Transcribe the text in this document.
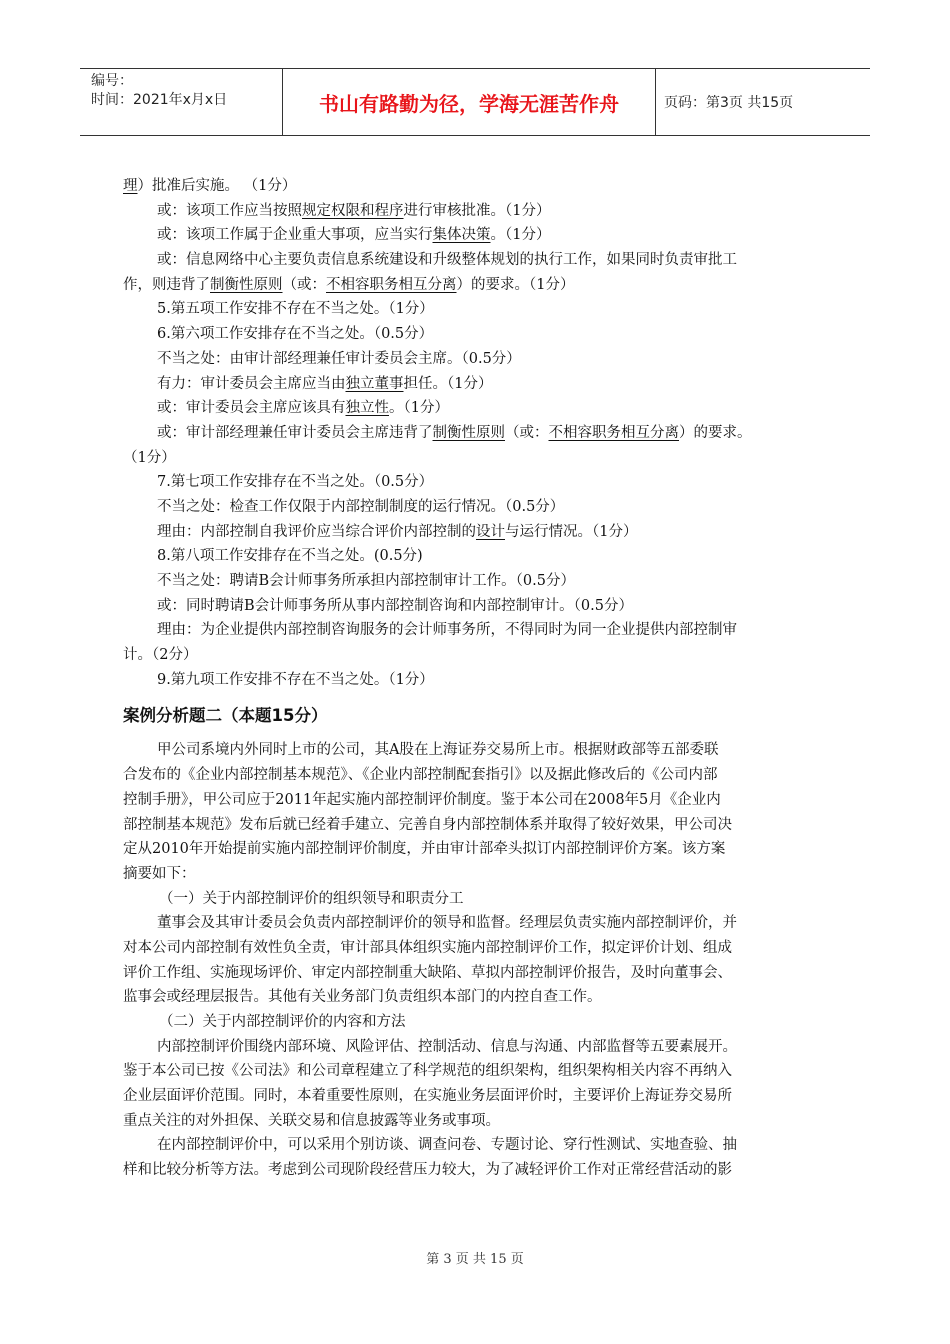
编号：
时间：2021年x月x日	书山有路勤为径，学海无涯苦作舟	页码：第3页 共15页
理）批准后实施。 （1分）
或：该项工作应当按照规定权限和程序进行审核批准。（1分）
或：该项工作属于企业重大事项，应当实行集体决策。（1分）
或：信息网络中心主要负责信息系统建设和升级整体规划的执行工作，如果同时负责审批工
作，则违背了制衡性原则（或：不相容职务相互分离）的要求。（1分）
5.第五项工作安排不存在不当之处。（1分）
6.第六项工作安排存在不当之处。（0.5分）
不当之处：由审计部经理兼任审计委员会主席。（0.5分）
有力：审计委员会主席应当由独立董事担任。（1分）
或：审计委员会主席应该具有独立性。（1分）
或：审计部经理兼任审计委员会主席违背了制衡性原则（或：不相容职务相互分离）的要求。
（1分）
7.第七项工作安排存在不当之处。（0.5分）
不当之处：检查工作仅限于内部控制制度的运行情况。（0.5分）
理由：内部控制自我评价应当综合评价内部控制的设计与运行情况。（1分）
8.第八项工作安排存在不当之处。(0.5分)
不当之处：聘请B会计师事务所承担内部控制审计工作。（0.5分）
或：同时聘请B会计师事务所从事内部控制咨询和内部控制审计。（0.5分）
理由：为企业提供内部控制咨询服务的会计师事务所，不得同时为同一企业提供内部控制审
计。（2分）
9.第九项工作安排不存在不当之处。（1分）
案例分析题二（本题15分）
甲公司系境内外同时上市的公司，其A股在上海证券交易所上市。根据财政部等五部委联
合发布的《企业内部控制基本规范》、《企业内部控制配套指引》以及据此修改后的《公司内部
控制手册》，甲公司应于2011年起实施内部控制评价制度。鉴于本公司在2008年5月《企业内
部控制基本规范》发布后就已经着手建立、完善自身内部控制体系并取得了较好效果，甲公司决
定从2010年开始提前实施内部控制评价制度，并由审计部牵头拟订内部控制评价方案。该方案
摘要如下：
（一）关于内部控制评价的组织领导和职责分工
董事会及其审计委员会负责内部控制评价的领导和监督。经理层负责实施内部控制评价，并
对本公司内部控制有效性负全责，审计部具体组织实施内部控制评价工作，拟定评价计划、组成
评价工作组、实施现场评价、审定内部控制重大缺陷、草拟内部控制评价报告，及时向董事会、
监事会或经理层报告。其他有关业务部门负责组织本部门的内控自查工作。
（二）关于内部控制评价的内容和方法
内部控制评价围绕内部环境、风险评估、控制活动、信息与沟通、内部监督等五要素展开。
鉴于本公司已按《公司法》和公司章程建立了科学规范的组织架构，组织架构相关内容不再纳入
企业层面评价范围。同时，本着重要性原则，在实施业务层面评价时，主要评价上海证券交易所
重点关注的对外担保、关联交易和信息披露等业务或事项。
在内部控制评价中，可以采用个别访谈、调查问卷、专题讨论、穿行性测试、实地查验、抽
样和比较分析等方法。考虑到公司现阶段经营压力较大，为了减轻评价工作对正常经营活动的影
第 3 页 共 15 页
